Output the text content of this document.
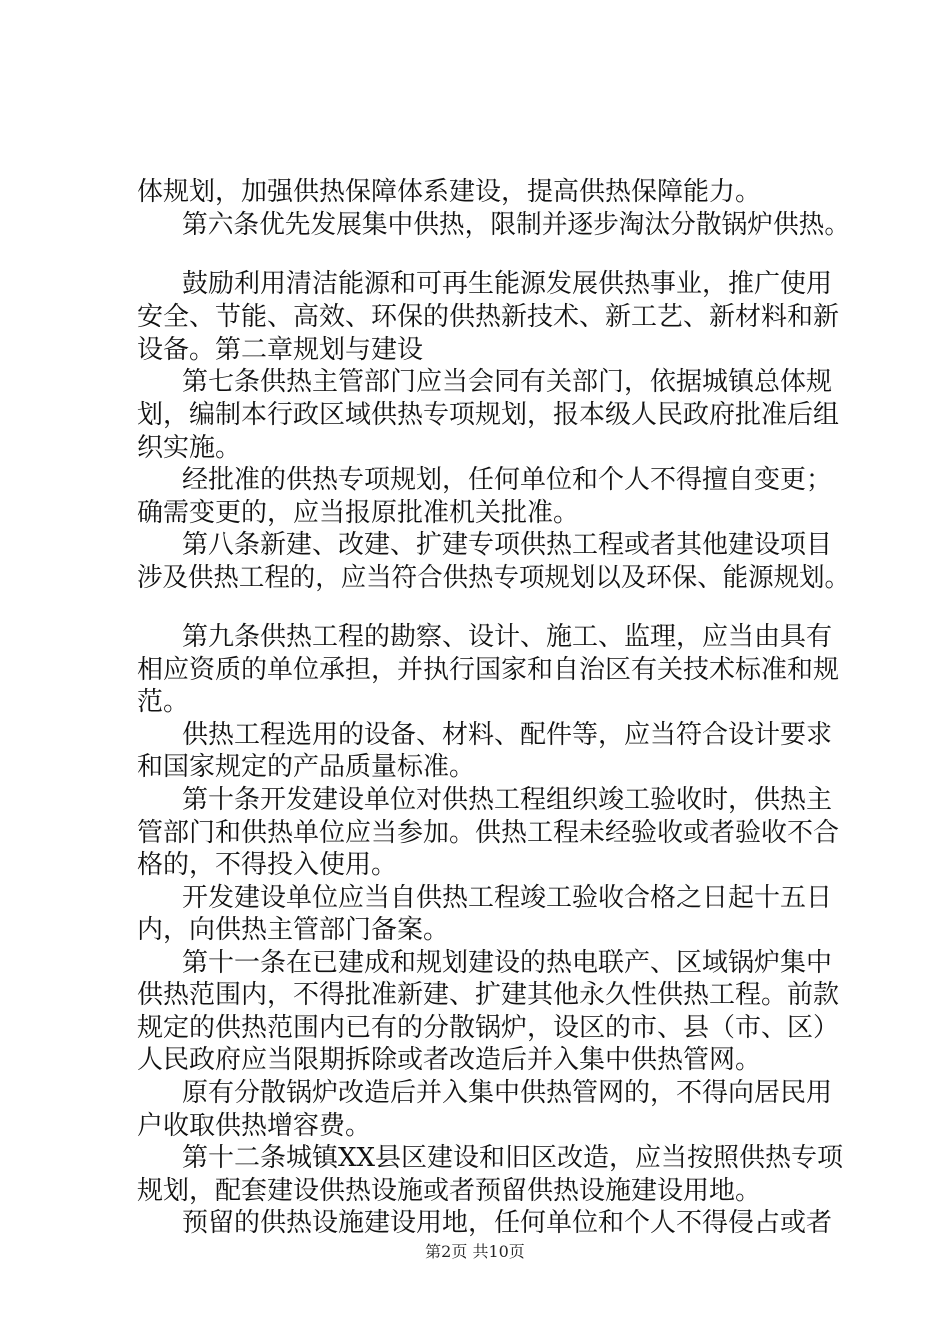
体规划，加强供热保障体系建设，提高供热保障能力。
第六条优先发展集中供热，限制并逐步淘汰分散锅炉供热。
鼓励利用清洁能源和可再生能源发展供热事业，推广使用
安全、节能、高效、环保的供热新技术、新工艺、新材料和新
设备。第二章规划与建设
第七条供热主管部门应当会同有关部门，依据城镇总体规
划，编制本行政区域供热专项规划，报本级人民政府批准后组
织实施。
经批准的供热专项规划，任何单位和个人不得擅自变更；
确需变更的，应当报原批准机关批准。
第八条新建、改建、扩建专项供热工程或者其他建设项目
涉及供热工程的，应当符合供热专项规划以及环保、能源规划。
第九条供热工程的勘察、设计、施工、监理，应当由具有
相应资质的单位承担，并执行国家和自治区有关技术标准和规
范。
供热工程选用的设备、材料、配件等，应当符合设计要求
和国家规定的产品质量标准。
第十条开发建设单位对供热工程组织竣工验收时，供热主
管部门和供热单位应当参加。供热工程未经验收或者验收不合
格的，不得投入使用。
开发建设单位应当自供热工程竣工验收合格之日起十五日
内，向供热主管部门备案。
第十一条在已建成和规划建设的热电联产、区域锅炉集中
供热范围内，不得批准新建、扩建其他永久性供热工程。前款
规定的供热范围内已有的分散锅炉，设区的市、县（市、区）
人民政府应当限期拆除或者改造后并入集中供热管网。
原有分散锅炉改造后并入集中供热管网的，不得向居民用
户收取供热增容费。
第十二条城镇XX县区建设和旧区改造，应当按照供热专项
规划，配套建设供热设施或者预留供热设施建设用地。
预留的供热设施建设用地，任何单位和个人不得侵占或者
第2页 共10页
